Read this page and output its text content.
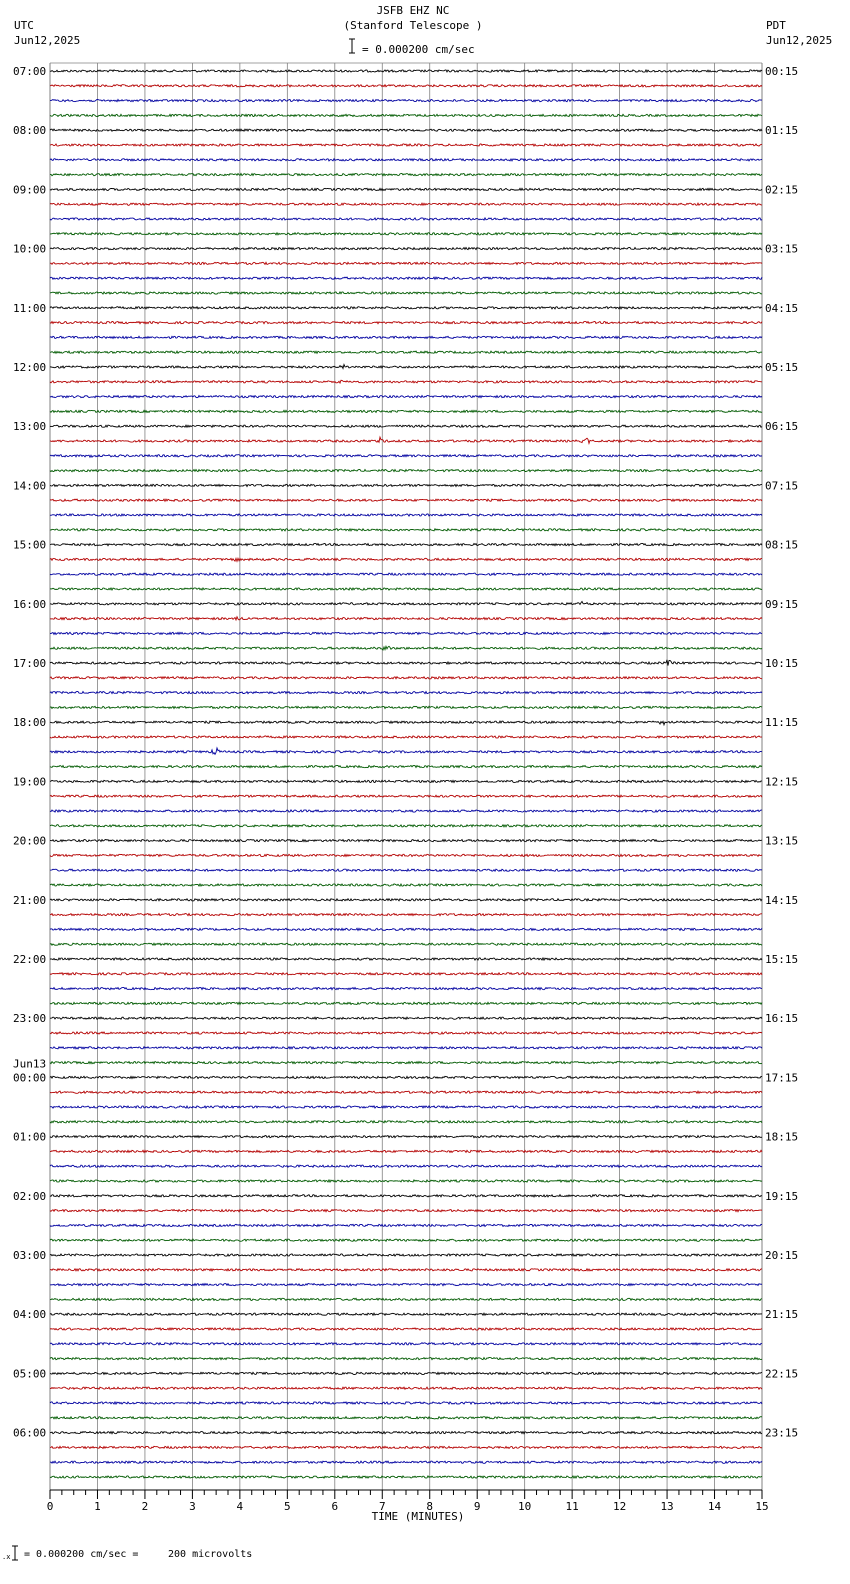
JSFB EHZ NC
(Stanford Telescope )
= 0.000200 cm/sec
UTC
Jun12,2025
PDT
Jun12,2025
.x
07:00	00:15
08:00	01:15
09:00	02:15
10:00	03:15
11:00	04:15
12:00	05:15
13:00	06:15
14:00	07:15
15:00	08:15
16:00	09:15
17:00	10:15
18:00	11:15
19:00	12:15
20:00	13:15
21:00	14:15
22:00	15:15
23:00	16:15
00:00	17:15
Jun13
01:00	18:15
02:00	19:15
03:00	20:15
04:00	21:15
05:00	22:15
06:00	23:15
0	1	2	3	4	5	6	7	8	9	10	11	12	13	14	15
TIME (MINUTES)
= 0.000200 cm/sec =	200 microvolts
